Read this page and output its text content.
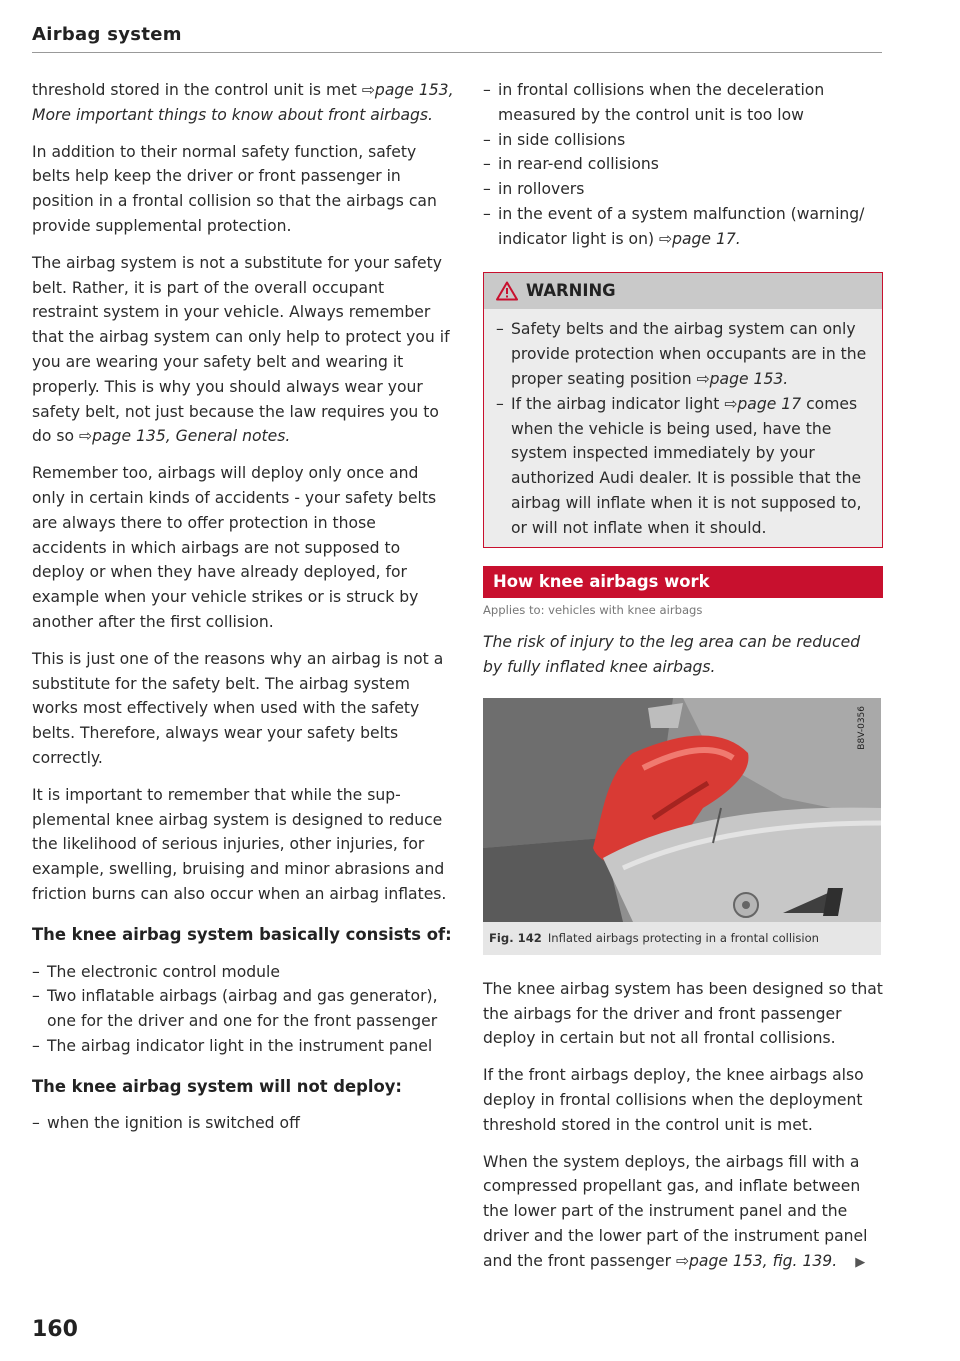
Airbag system

threshold stored in the control unit is met ⇨page 153, More important things to know about front airbags.

In addition to their normal safety function, safety belts help keep the driver or front passenger in position in a frontal collision so that the airbags can provide supplemental protection.

The airbag system is not a substitute for your safety belt. Rather, it is part of the overall occupant restraint system in your vehicle. Always remember that the airbag system can only help to protect you if you are wearing your safety belt and wearing it properly. This is why you should always wear your safety belt, not just because the law requires you to do so ⇨page 135, General notes.

Remember too, airbags will deploy only once and only in certain kinds of accidents - your safety belts are always there to offer protection in those accidents in which airbags are not supposed to deploy or when they have already deployed, for example when your vehicle strikes or is struck by another after the first collision.

This is just one of the reasons why an airbag is not a substitute for the safety belt. The airbag system works most effectively when used with the safety belts. Therefore, always wear your safety belts correctly.

It is important to remember that while the supplemental knee airbag system is designed to reduce the likelihood of serious injuries, other injuries, for example, swelling, bruising and minor abrasions and friction burns can also occur when an airbag inflates.

The knee airbag system basically consists of:
– The electronic control module
– Two inflatable airbags (airbag and gas generator), one for the driver and one for the front passenger
– The airbag indicator light in the instrument panel
The knee airbag system will not deploy:
– when the ignition is switched off
– in frontal collisions when the deceleration measured by the control unit is too low
– in side collisions
– in rear-end collisions
– in rollovers
– in the event of a system malfunction (warning/ indicator light is on) ⇨page 17.
WARNING
– Safety belts and the airbag system can only provide protection when occupants are in the proper seating position ⇨page 153.
– If the airbag indicator light ⇨page 17 comes when the vehicle is being used, have the system inspected immediately by your authorized Audi dealer. It is possible that the airbag will inflate when it is not supposed to, or will not inflate when it should.
How knee airbags work
Applies to: vehicles with knee airbags

The risk of injury to the leg area can be reduced by fully inflated knee airbags.

B8V-0356
Fig. 142 Inflated airbags protecting in a frontal collision

The knee airbag system has been designed so that the airbags for the driver and front passenger deploy in certain but not all frontal collisions.

If the front airbags deploy, the knee airbags also deploy in frontal collisions when the deployment threshold stored in the control unit is met.

When the system deploys, the airbags fill with a compressed propellant gas, and inflate between the lower part of the instrument panel and the driver and the lower part of the instrument panel and the front passenger ⇨page 153, fig. 139. ▶

160
